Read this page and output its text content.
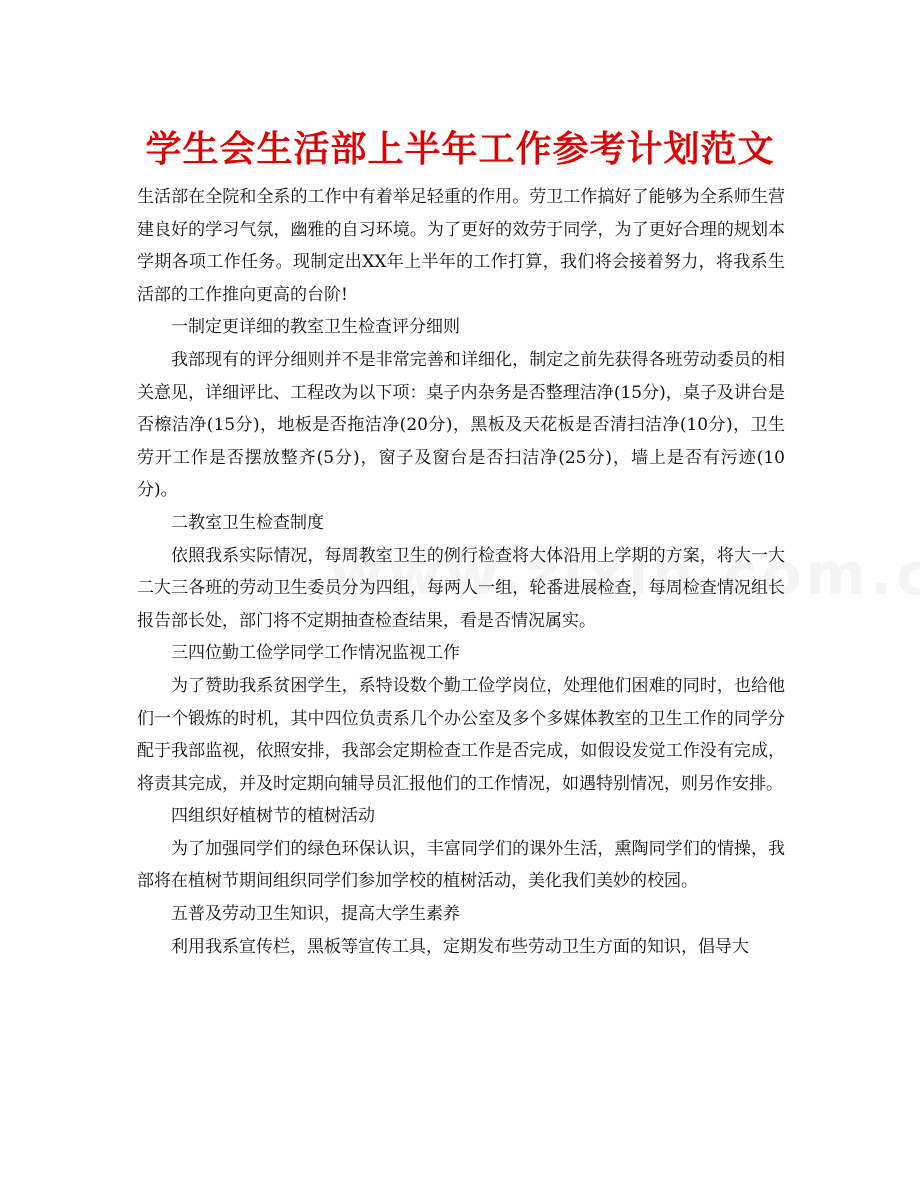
学生会生活部上半年工作参考计划范文

生活部在全院和全系的工作中有着举足轻重的作用。劳卫工作搞好了能够为全系师生营建良好的学习气氛，幽雅的自习环境。为了更好的效劳于同学，为了更好合理的规划本学期各项工作任务。现制定出XX年上半年的工作打算，我们将会接着努力，将我系生活部的工作推向更高的台阶!

一制定更详细的教室卫生检查评分细则

我部现有的评分细则并不是非常完善和详细化，制定之前先获得各班劳动委员的相关意见，详细评比、工程改为以下项：桌子内杂务是否整理洁净(15分)，桌子及讲台是否檫洁净(15分)，地板是否拖洁净(20分)，黑板及天花板是否清扫洁净(10分)，卫生劳开工作是否摆放整齐(5分)，窗子及窗台是否扫洁净(25分)，墙上是否有污迹(10分)。

二教室卫生检查制度

依照我系实际情况，每周教室卫生的例行检查将大体沿用上学期的方案，将大一大二大三各班的劳动卫生委员分为四组，每两人一组，轮番进展检查，每周检查情况组长报告部长处，部门将不定期抽查检查结果，看是否情况属实。

三四位勤工俭学同学工作情况监视工作

为了赞助我系贫困学生，系特设数个勤工俭学岗位，处理他们困难的同时，也给他们一个锻炼的时机，其中四位负责系几个办公室及多个多媒体教室的卫生工作的同学分配于我部监视，依照安排，我部会定期检查工作是否完成，如假设发觉工作没有完成，将责其完成，并及时定期向辅导员汇报他们的工作情况，如遇特别情况，则另作安排。

四组织好植树节的植树活动

为了加强同学们的绿色环保认识，丰富同学们的课外生活，熏陶同学们的情操，我部将在植树节期间组织同学们参加学校的植树活动，美化我们美妙的校园。

五普及劳动卫生知识，提高大学生素养

利用我系宣传栏，黑板等宣传工具，定期发布些劳动卫生方面的知识，倡导大
